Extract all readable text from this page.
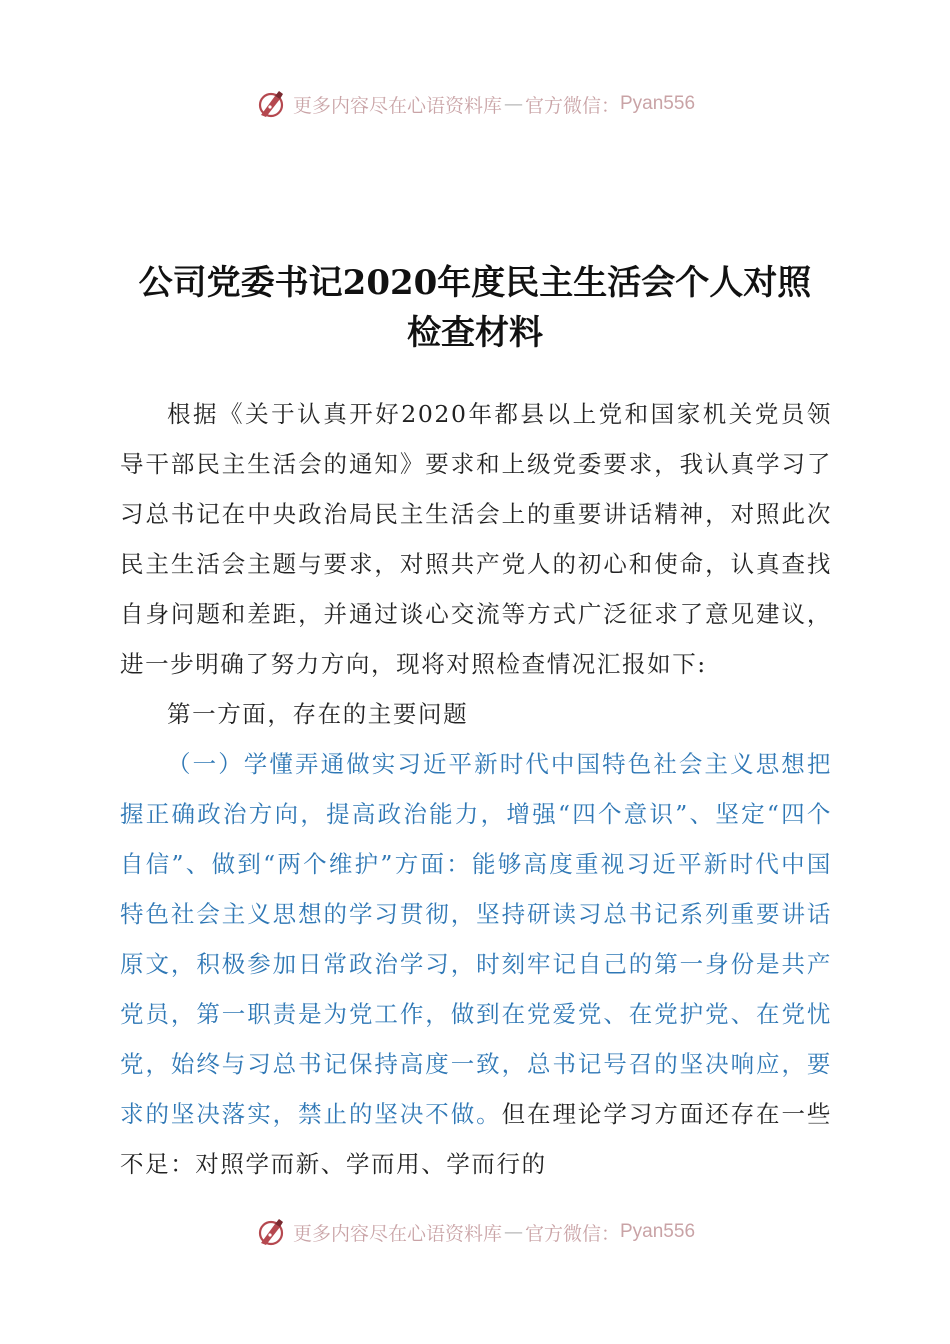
更多内容尽在心语资料库 — 官方微信： Pyan556
公司党委书记2020年度民主生活会个人对照
检查材料

根据《关于认真开好2020年都县以上党和国家机关党员领导干部民主生活会的通知》要求和上级党委要求，我认真学习了习总书记在中央政治局民主生活会上的重要讲话精神，对照此次民主生活会主题与要求，对照共产党人的初心和使命，认真查找自身问题和差距，并通过谈心交流等方式广泛征求了意见建议，进一步明确了努力方向，现将对照检查情况汇报如下:

第一方面，存在的主要问题

（一）学懂弄通做实习近平新时代中国特色社会主义思想把握正确政治方向，提高政治能力，增强“四个意识”、坚定“四个自信”、做到“两个维护”方面：能够高度重视习近平新时代中国特色社会主义思想的学习贯彻，坚持研读习总书记系列重要讲话原文，积极参加日常政治学习，时刻牢记自己的第一身份是共产党员，第一职责是为党工作，做到在党爱党、在党护党、在党忧党，始终与习总书记保持高度一致，总书记号召的坚决响应，要求的坚决落实，禁止的坚决不做。但在理论学习方面还存在一些不足：对照学而新、学而用、学而行的

更多内容尽在心语资料库 — 官方微信： Pyan556
